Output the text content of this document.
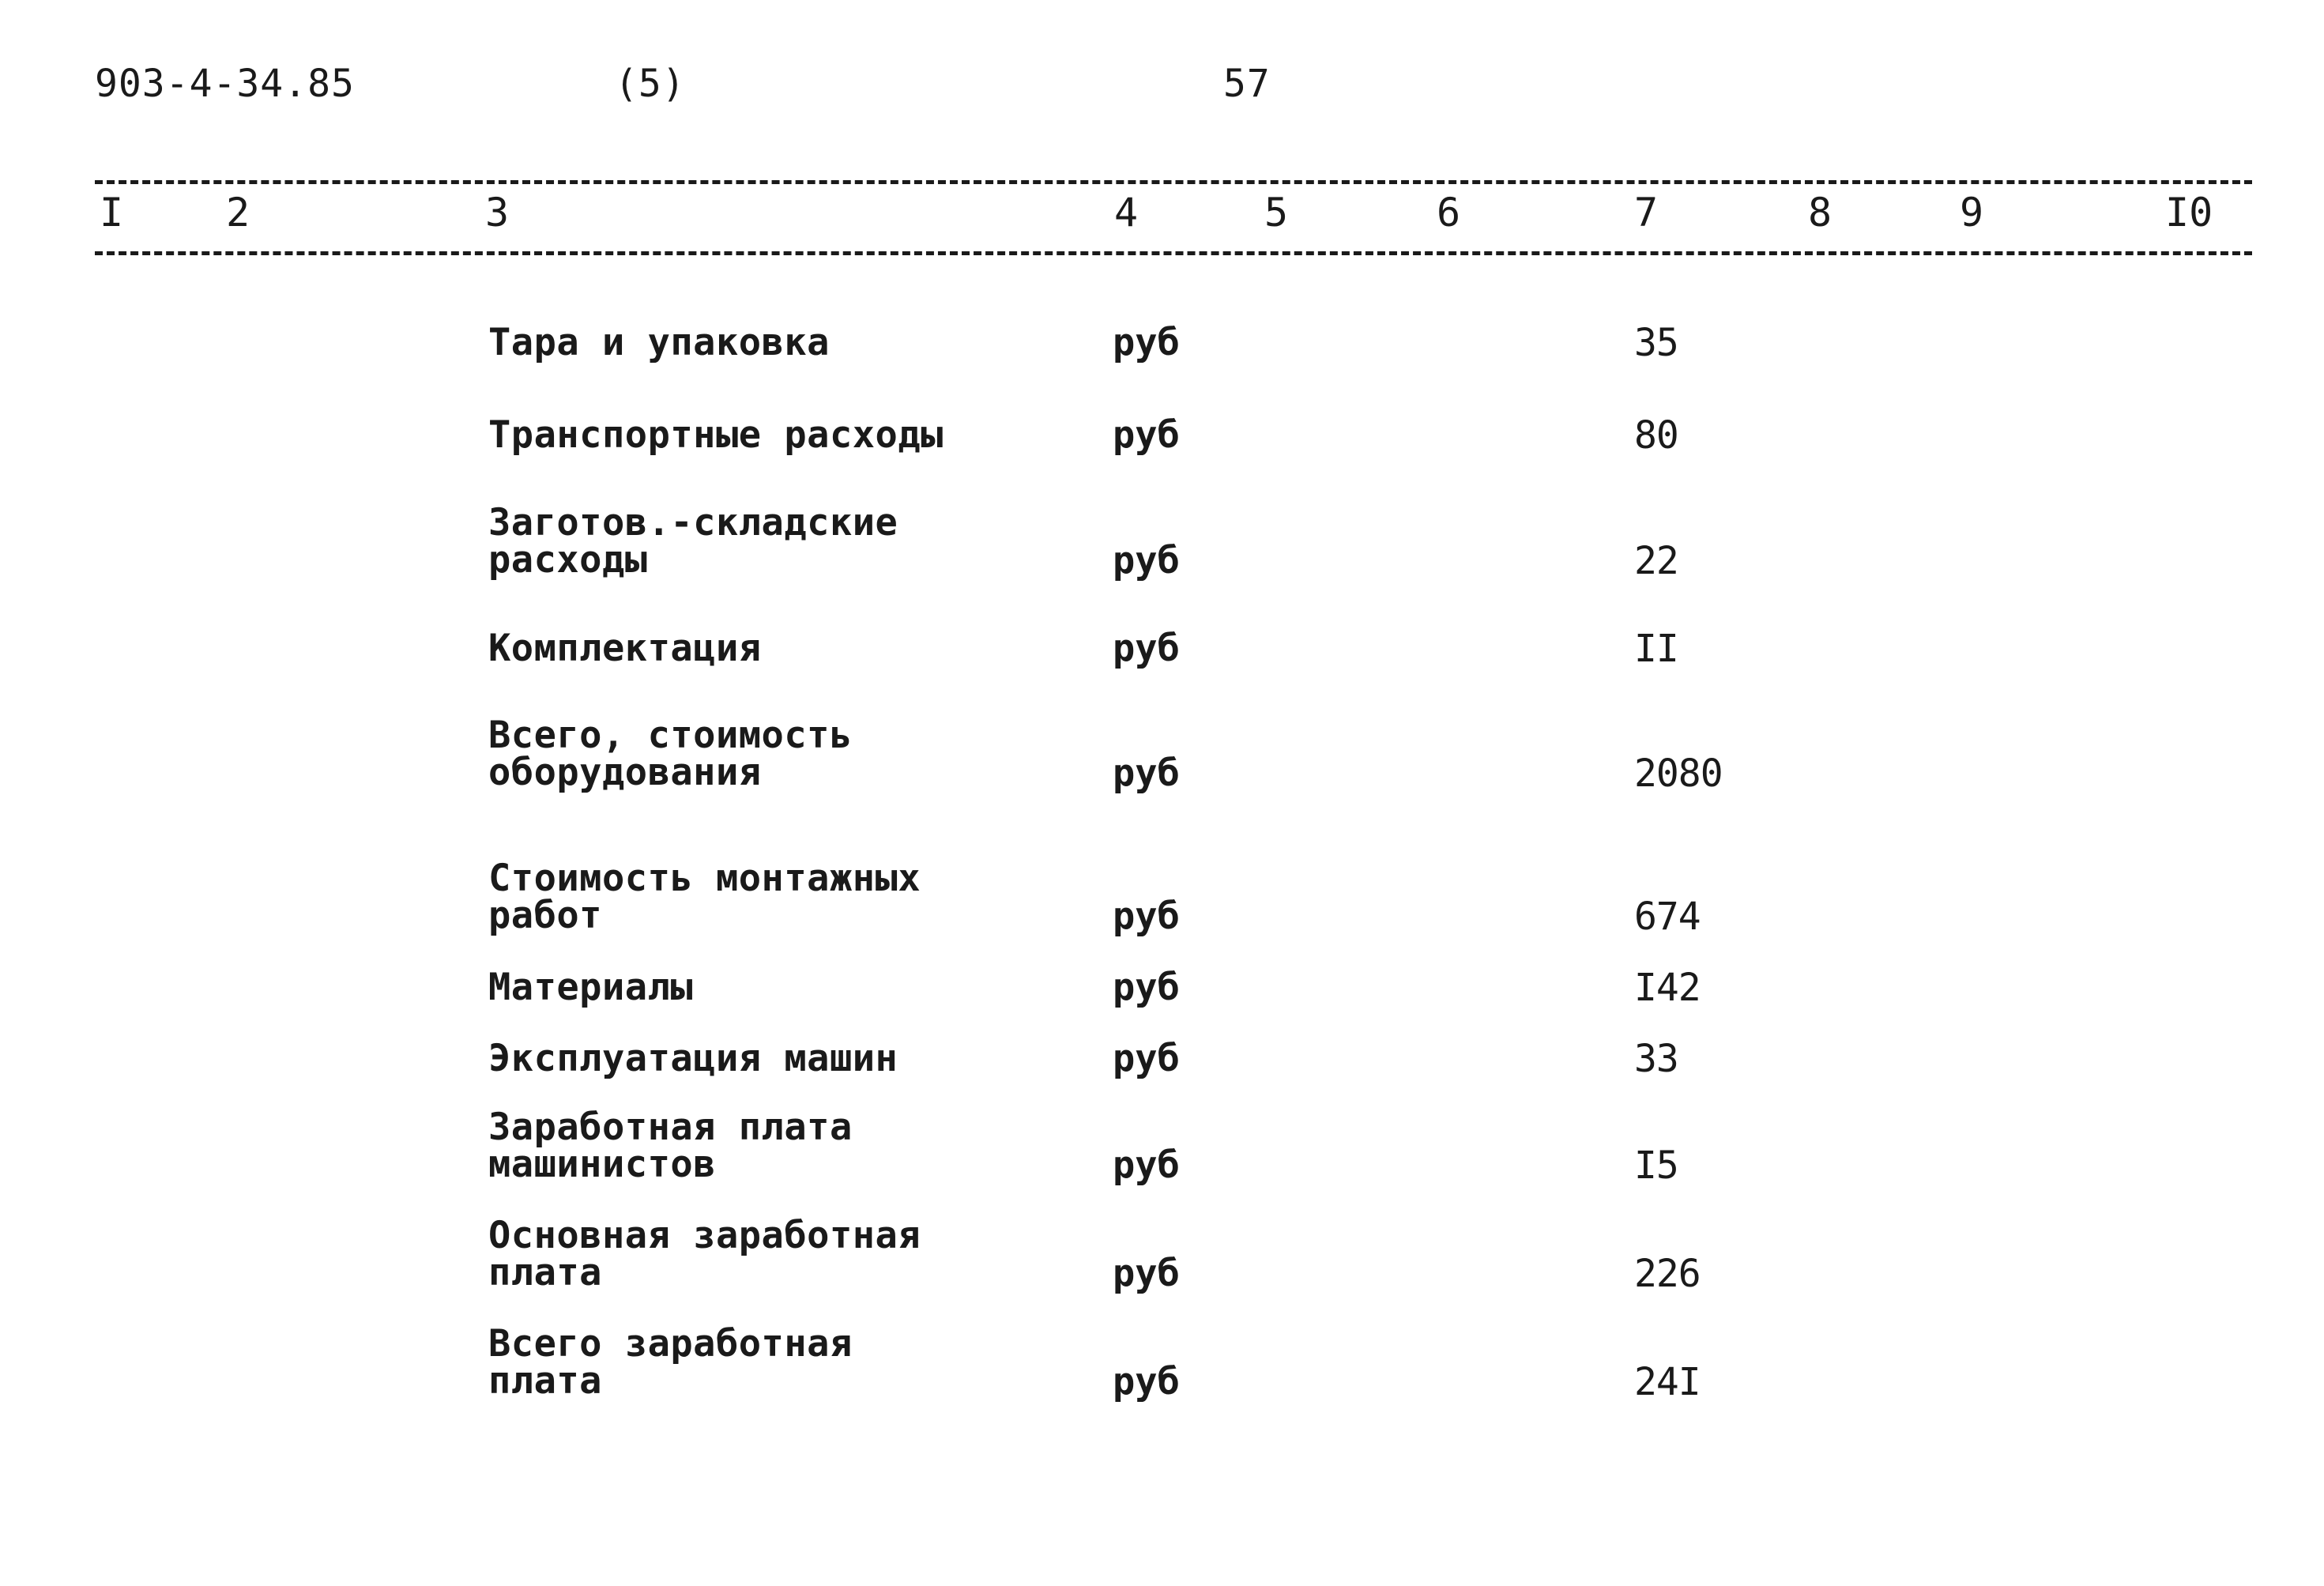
903-4-34.85	(5)	57
I	2	3	4	5	6	7	8	9	I0
Тара и упаковка	руб	35
Транспортные расходы	руб	80
Заготов.-складские
расходы	руб	22
Комплектация	руб	II
Всего, стоимость
оборудования	руб	2080
Стоимость монтажных
работ	руб	674
Материалы	руб	I42
Эксплуатация машин	руб	33
Заработная плата
машинистов	руб	I5
Основная заработная
плата	руб	226
Всего заработная
плата	руб	24I
